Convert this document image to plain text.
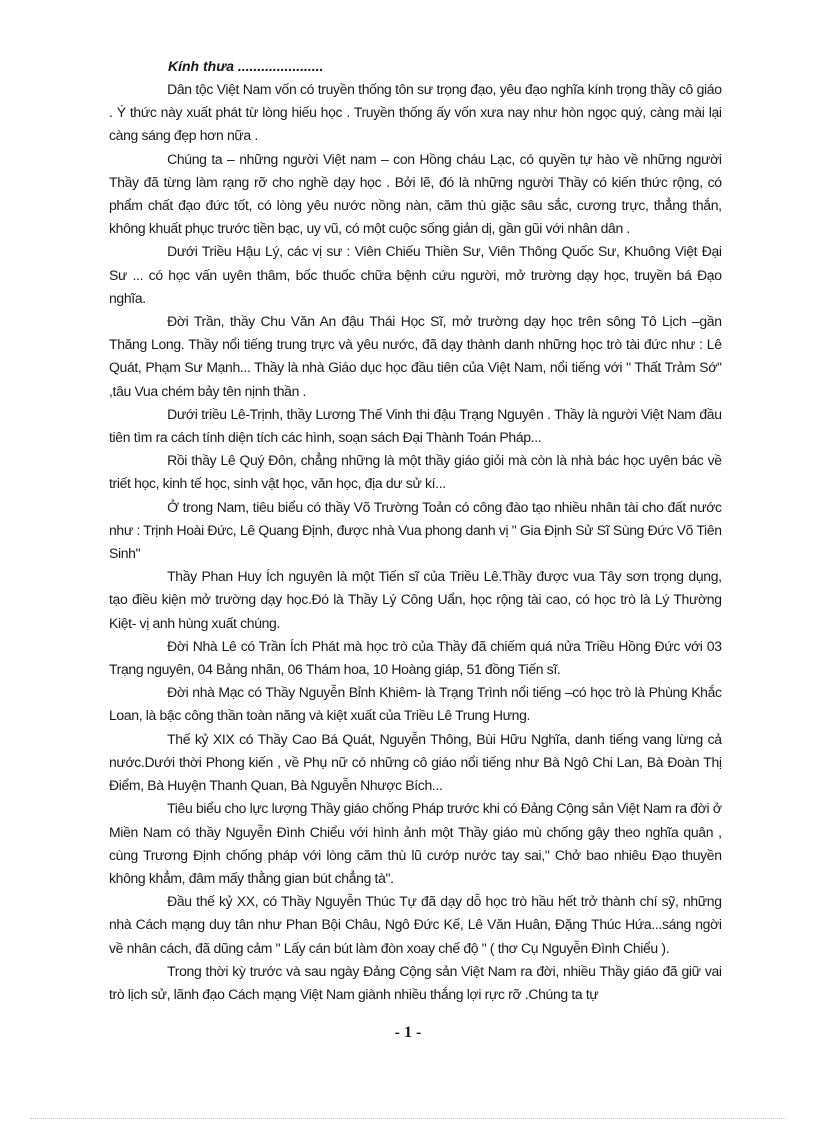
Kính thưa ......................

Dân tộc Việt Nam vốn có truyền thống tôn sư trọng đạo, yêu đạo nghĩa kính trọng thầy cô giáo . Ý thức này xuất phát từ lòng hiếu học . Truyền thống ấy vốn xưa nay như hòn ngọc quý, càng mài lại càng sáng đẹp hơn nữa .

Chúng ta – những người Việt nam – con Hồng cháu Lạc, có quyền tự hào về những người Thầy đã từng làm rạng rỡ cho nghề dạy học . Bởi lẽ, đó là những người Thầy có kiến thức rộng, có phẩm chất đạo đức tốt, có lòng yêu nước nồng nàn, căm thù giặc sâu sắc, cương trực, thẳng thắn, không khuất phục trước tiền bạc, uy vũ, có một cuộc sống giản dị, gần gũi với nhân dân .

Dưới Triều Hậu Lý, các vị sư : Viên Chiếu Thiền Sư, Viên Thông Quốc Sư, Khuông Việt Đại Sư ... có học vấn uyên thâm, bốc thuốc chữa bệnh cứu người, mở trường dạy học, truyền bá Đạo nghĩa.

Đời Trần, thầy Chu Văn An đậu Thái Học Sĩ, mở trường dạy học trên sông Tô Lịch –gần Thăng Long. Thầy nổi tiếng trung trực và yêu nước, đã dạy thành danh những học trò tài đức như : Lê Quát, Phạm Sư Mạnh... Thầy là nhà Giáo dục học đầu tiên của Việt Nam, nổi tiếng với " Thất Trảm Sớ" ,tâu Vua chém bảy tên nịnh thần .

Dưới triều Lê-Trịnh, thầy Lương Thế Vinh thi đậu Trạng Nguyên . Thầy là người Việt Nam đầu tiên tìm ra cách tính diện tích các hình, soạn sách Đại Thành Toán Pháp...

Rồi thầy Lê Quý Đôn, chẳng những là một thầy giáo giỏi mà còn là nhà bác học uyên bác về triết học, kinh tế học, sinh vật học, văn học, địa dư sử kí...

Ở trong Nam, tiêu biểu có thầy Võ Trường Toản có công đào tạo nhiều nhân tài cho đất nước như : Trịnh Hoài Đức, Lê Quang Định, được nhà Vua phong danh vị " Gia Định Sử Sĩ Sùng Đức Võ Tiên Sinh"

Thầy Phan Huy Ích nguyên là một Tiến sĩ của Triều Lê.Thầy được vua Tây sơn trọng dụng, tạo điều kiện mở trường dạy học.Đó là Thầy Lý Công Uẩn, học rộng tài cao, có học trò là Lý Thường Kiệt- vị anh hùng xuất chúng.

Đời Nhà Lê có Trần Ích Phát mà học trò của Thầy đã chiếm quá nửa Triều Hồng Đức với 03 Trạng nguyên, 04 Bảng nhãn, 06 Thám hoa, 10 Hoàng giáp, 51 đồng Tiến sĩ.

Đời nhà Mạc có Thầy Nguyễn Bỉnh Khiêm- là Trạng Trình nổi tiếng –có học trò là Phùng Khắc Loan, là bậc công thần toàn năng và kiệt xuất của Triều Lê Trung Hưng.

Thế kỷ XIX có Thầy Cao Bá Quát, Nguyễn Thông, Bùi Hữu Nghĩa, danh tiếng vang lừng cả nước.Dưới thời Phong kiến , về Phụ nữ có những cô giáo nổi tiếng như Bà Ngô Chi Lan, Bà Đoàn Thị Điểm, Bà Huyện Thanh Quan, Bà Nguyễn Nhược Bích...

Tiêu biểu cho lực lượng Thầy giáo chống Pháp trước khi có Đảng Cộng sản Việt Nam ra đời ở Miền Nam có thầy Nguyễn Đình Chiểu với hình ảnh một Thầy giáo mù chống gậy theo nghĩa quân , cùng Trương Định chống pháp với lòng căm thù lũ cướp nước tay sai," Chở bao nhiêu Đạo thuyền không khẳm, đâm mấy thằng gian bút chẳng tà".

Đầu thế kỷ XX, có Thầy Nguyễn Thúc Tự đã dạy dỗ học trò hầu hết trở thành chí sỹ, những nhà Cách mạng duy tân như Phan Bội Châu, Ngô Đức Kế, Lê Văn Huân, Đặng Thúc Hứa...sáng ngời về nhân cách, đã dũng cảm " Lấy cán bút làm đòn xoay chế độ " ( thơ Cụ Nguyễn Đình Chiểu ).

Trong thời kỳ trước và sau ngày Đảng Cộng sản Việt Nam ra đời, nhiều Thầy giáo đã giữ vai trò lịch sử, lãnh đạo Cách mạng Việt Nam giành nhiều thắng lợi rực rỡ .Chúng ta tự

- 1 -
